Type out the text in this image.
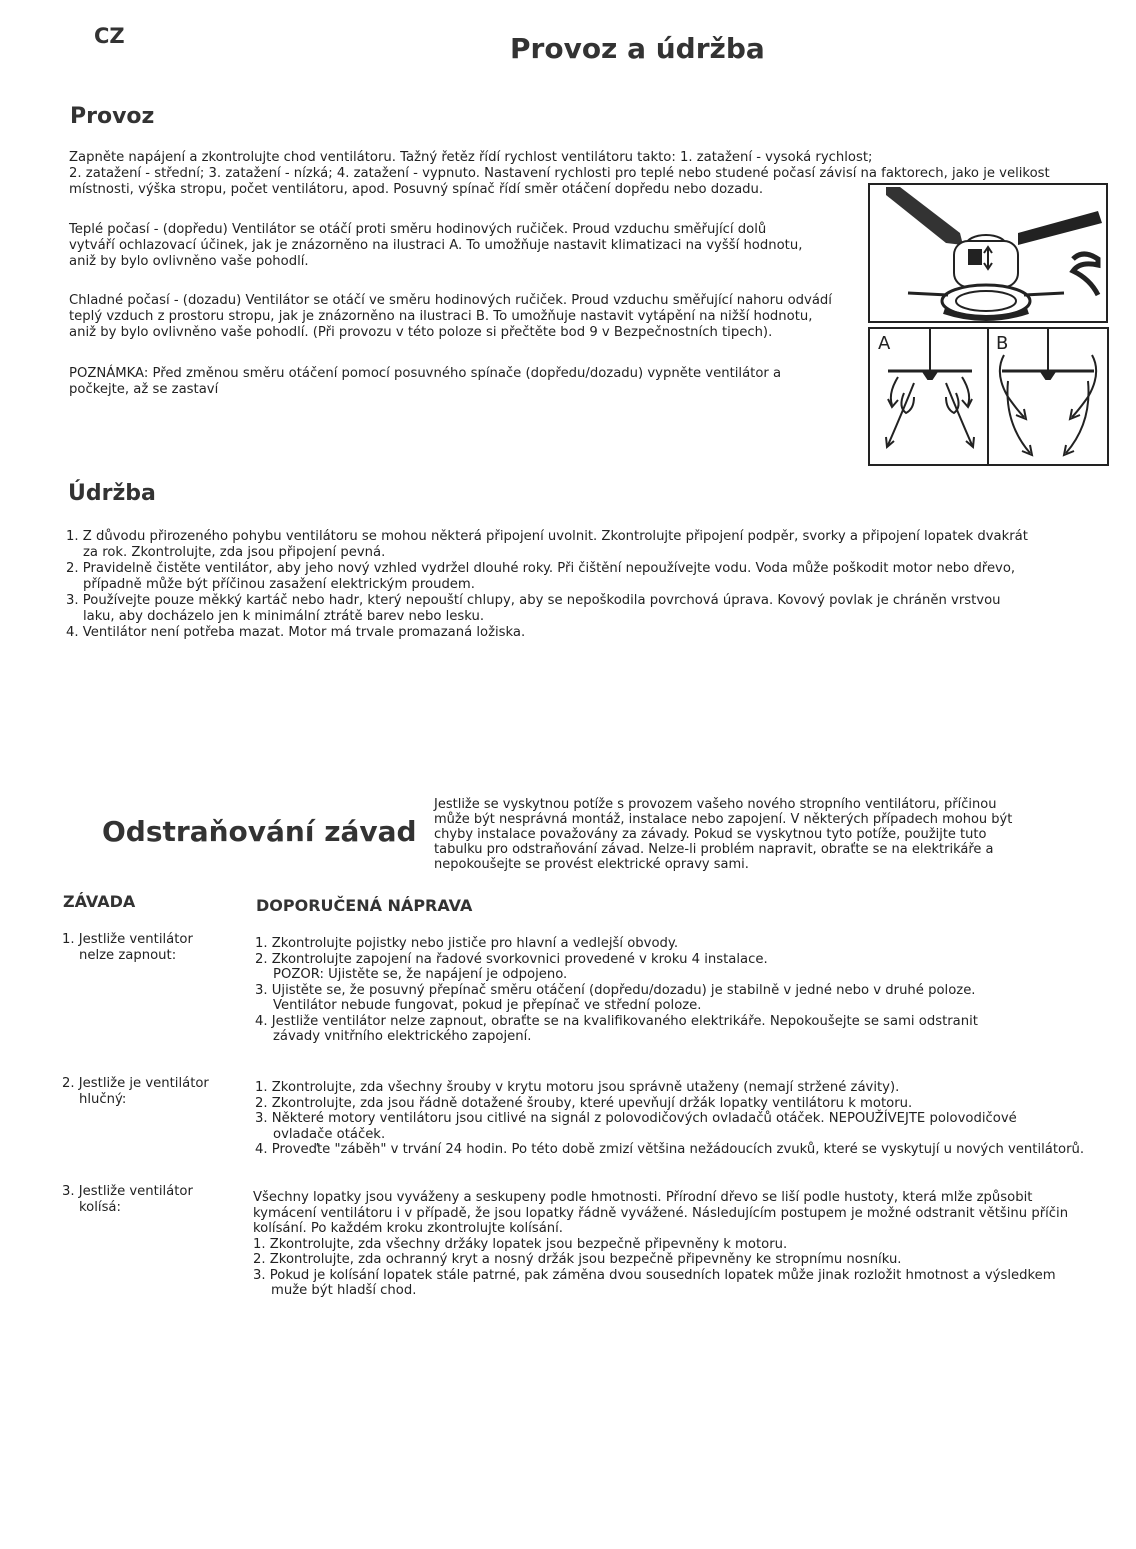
CZ	Provoz a údržba
Provoz
Zapněte napájení a zkontrolujte chod ventilátoru. Tažný řetěz řídí rychlost ventilátoru takto: 1. zatažení - vysoká rychlost;
2. zatažení - střední; 3. zatažení - nízká; 4. zatažení - vypnuto. Nastavení rychlosti pro teplé nebo studené počasí závisí na faktorech, jako je velikost
místnosti, výška stropu, počet ventilátoru, apod. Posuvný spínač řídí směr otáčení dopředu nebo dozadu.
Teplé počasí - (dopředu) Ventilátor se otáčí proti směru hodinových ručiček. Proud vzduchu směřující dolů
vytváří ochlazovací účinek, jak je znázorněno na ilustraci A. To umožňuje nastavit klimatizaci na vyšší hodnotu,
aniž by bylo ovlivněno vaše pohodlí.
Chladné počasí - (dozadu) Ventilátor se otáčí ve směru hodinových ručiček. Proud vzduchu směřující nahoru odvádí
teplý vzduch z prostoru stropu, jak je znázorněno na ilustraci B. To umožňuje nastavit vytápění na nižší hodnotu,
aniž by bylo ovlivněno vaše pohodlí. (Při provozu v této poloze si přečtěte bod 9 v Bezpečnostních tipech).
POZNÁMKA: Před změnou směru otáčení pomocí posuvného spínače (dopředu/dozadu) vypněte ventilátor a
počkejte, až se zastaví
A	B
Údržba
1. Z důvodu přirozeného pohybu ventilátoru se mohou některá připojení uvolnit. Zkontrolujte připojení podpěr, svorky a připojení lopatek dvakrát
za rok. Zkontrolujte, zda jsou připojení pevná.
2. Pravidelně čistěte ventilátor, aby jeho nový vzhled vydržel dlouhé roky. Při čištění nepoužívejte vodu. Voda může poškodit motor nebo dřevo,
případně může být příčinou zasažení elektrickým proudem.
3. Používejte pouze měkký kartáč nebo hadr, který nepouští chlupy, aby se nepoškodila povrchová úprava. Kovový povlak je chráněn vrstvou
laku, aby docházelo jen k minimální ztrátě barev nebo lesku.
4. Ventilátor není potřeba mazat. Motor má trvale promazaná ložiska.
Odstraňování závad
Jestliže se vyskytnou potíže s provozem vašeho nového stropního ventilátoru, příčinou
může být nesprávná montáž, instalace nebo zapojení. V některých případech mohou být
chyby instalace považovány za závady. Pokud se vyskytnou tyto potíže, použijte tuto
tabulku pro odstraňování závad. Nelze-li problém napravit, obraťte se na elektrikáře a
nepokoušejte se provést elektrické opravy sami.
ZÁVADA	DOPORUČENÁ NÁPRAVA
1. Jestliže ventilátor
nelze zapnout:
1. Zkontrolujte pojistky nebo jističe pro hlavní a vedlejší obvody.
2. Zkontrolujte zapojení na řadové svorkovnici provedené v kroku 4 instalace.
POZOR: Ujistěte se, že napájení je odpojeno.
3. Ujistěte se, že posuvný přepínač směru otáčení (dopředu/dozadu) je stabilně v jedné nebo v druhé poloze.
Ventilátor nebude fungovat, pokud je přepínač ve střední poloze.
4. Jestliže ventilátor nelze zapnout, obraťte se na kvalifikovaného elektrikáře. Nepokoušejte se sami odstranit
závady vnitřního elektrického zapojení.
2. Jestliže je ventilátor
hlučný:
1. Zkontrolujte, zda všechny šrouby v krytu motoru jsou správně utaženy (nemají stržené závity).
2. Zkontrolujte, zda jsou řádně dotažené šrouby, které upevňují držák lopatky ventilátoru k motoru.
3. Některé motory ventilátoru jsou citlivé na signál z polovodičových ovladačů otáček. NEPOUŽÍVEJTE polovodičové
ovladače otáček.
4. Proveďte "záběh" v trvání 24 hodin. Po této době zmizí většina nežádoucích zvuků, které se vyskytují u nových ventilátorů.
3. Jestliže ventilátor
kolísá:
Všechny lopatky jsou vyváženy a seskupeny podle hmotnosti. Přírodní dřevo se liší podle hustoty, která mlže způsobit
kymácení ventilátoru i v případě, že jsou lopatky řádně vyvážené. Následujícím postupem je možné odstranit většinu příčin
kolísání. Po každém kroku zkontrolujte kolísání.
1. Zkontrolujte, zda všechny držáky lopatek jsou bezpečně připevněny k motoru.
2. Zkontrolujte, zda ochranný kryt a nosný držák jsou bezpečně připevněny ke stropnímu nosníku.
3. Pokud je kolísání lopatek stále patrné, pak záměna dvou sousedních lopatek může jinak rozložit hmotnost a výsledkem
muže být hladší chod.
